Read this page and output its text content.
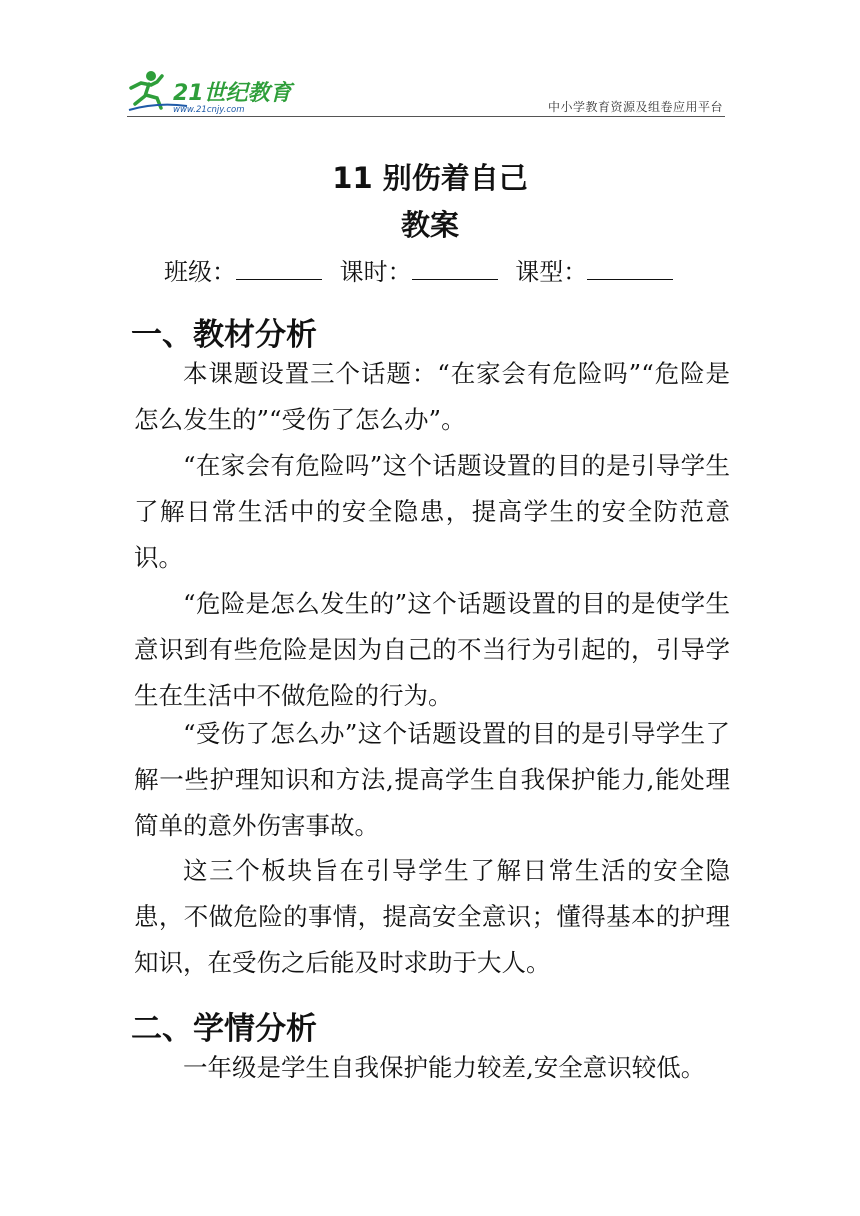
21世纪教育
www.21cnjy.com	中小学教育资源及组卷应用平台
11 别伤着自己
教案
班级：	课时：	课型：
一、教材分析

本课题设置三个话题：“在家会有危险吗”“危险是怎么发生的”“受伤了怎么办”。

“在家会有危险吗”这个话题设置的目的是引导学生了解日常生活中的安全隐患，提高学生的安全防范意识。

“危险是怎么发生的”这个话题设置的目的是使学生意识到有些危险是因为自己的不当行为引起的，引导学生在生活中不做危险的行为。

“受伤了怎么办”这个话题设置的目的是引导学生了解一些护理知识和方法,提高学生自我保护能力,能处理简单的意外伤害事故。

这三个板块旨在引导学生了解日常生活的安全隐患，不做危险的事情，提高安全意识；懂得基本的护理知识，在受伤之后能及时求助于大人。

二、学情分析

一年级是学生自我保护能力较差,安全意识较低。
